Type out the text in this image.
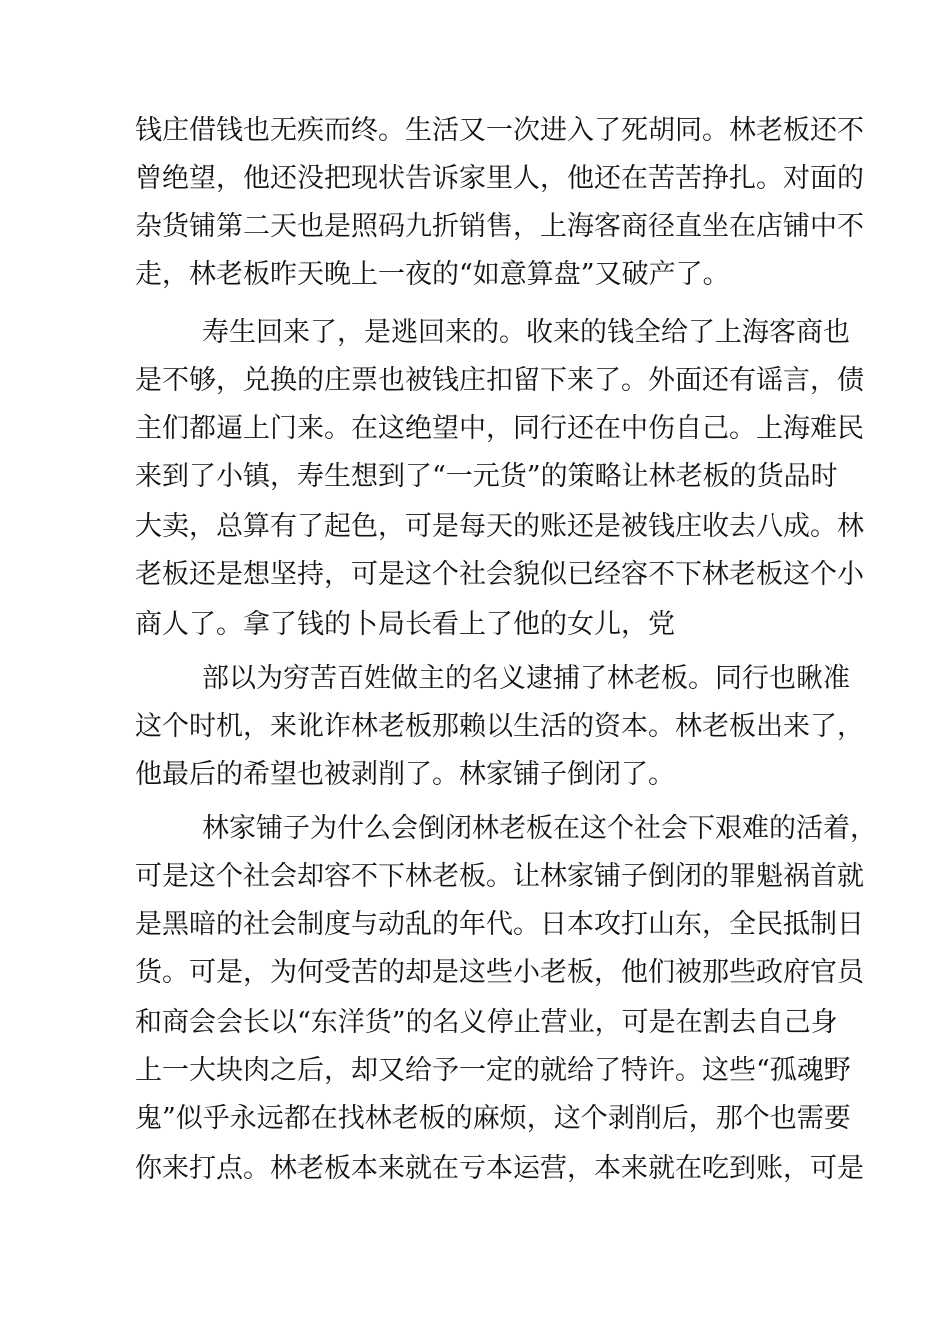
钱庄借钱也无疾而终。生活又一次进入了死胡同。林老板还不
曾绝望，他还没把现状告诉家里人，他还在苦苦挣扎。对面的
杂货铺第二天也是照码九折销售，上海客商径直坐在店铺中不
走，林老板昨天晚上一夜的“如意算盘”又破产了。
寿生回来了，是逃回来的。收来的钱全给了上海客商也
是不够，兑换的庄票也被钱庄扣留下来了。外面还有谣言，债
主们都逼上门来。在这绝望中，同行还在中伤自己。上海难民
来到了小镇，寿生想到了“一元货”的策略让林老板的货品时
大卖，总算有了起色，可是每天的账还是被钱庄收去八成。林
老板还是想坚持，可是这个社会貌似已经容不下林老板这个小
商人了。拿了钱的卜局长看上了他的女儿，党
部以为穷苦百姓做主的名义逮捕了林老板。同行也瞅准
这个时机，来讹诈林老板那赖以生活的资本。林老板出来了，
他最后的希望也被剥削了。林家铺子倒闭了。
林家铺子为什么会倒闭林老板在这个社会下艰难的活着，
可是这个社会却容不下林老板。让林家铺子倒闭的罪魁祸首就
是黑暗的社会制度与动乱的年代。日本攻打山东，全民抵制日
货。可是，为何受苦的却是这些小老板，他们被那些政府官员
和商会会长以“东洋货”的名义停止营业，可是在割去自己身
上一大块肉之后，却又给予一定的就给了特许。这些“孤魂野
鬼”似乎永远都在找林老板的麻烦，这个剥削后，那个也需要
你来打点。林老板本来就在亏本运营，本来就在吃到账，可是
